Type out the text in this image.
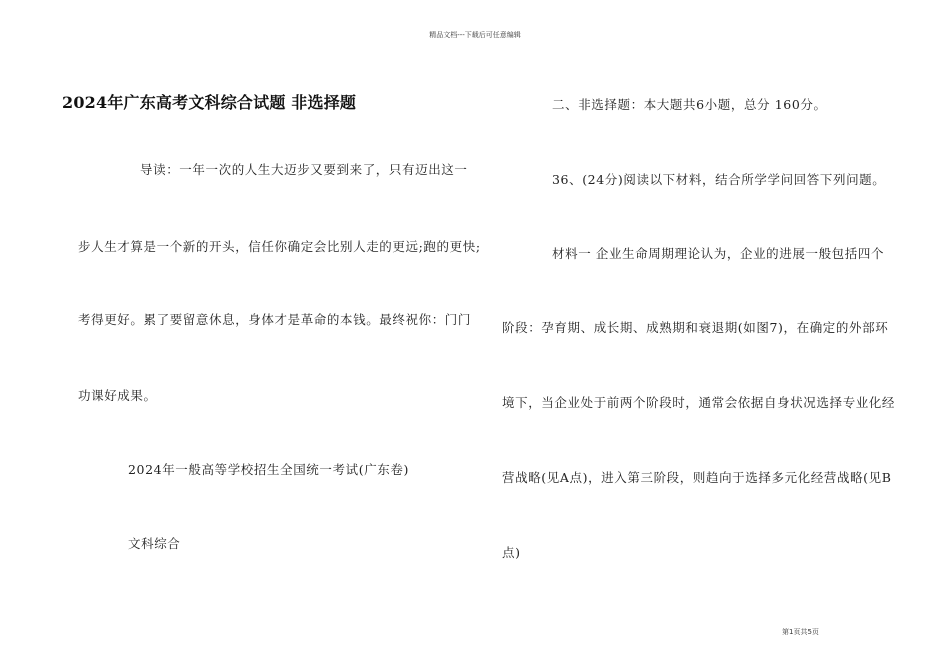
精品文档---下载后可任意编辑
2024年广东高考文科综合试题 非选择题
导读：一年一次的人生大迈步又要到来了，只有迈出这一
步人生才算是一个新的开头，信任你确定会比别人走的更远;跑的更快;
考得更好。累了要留意休息，身体才是革命的本钱。最终祝你：门门
功课好成果。
2024年一般高等学校招生全国统一考试(广东卷)
文科综合
二、非选择题：本大题共6小题，总分 160分。
36、(24分)阅读以下材料，结合所学学问回答下列问题。
材料一 企业生命周期理论认为，企业的进展一般包括四个
阶段：孕育期、成长期、成熟期和衰退期(如图7)，在确定的外部环
境下，当企业处于前两个阶段时，通常会依据自身状况选择专业化经
营战略(见A点)，进入第三阶段，则趋向于选择多元化经营战略(见B
点)
第1页共5页
